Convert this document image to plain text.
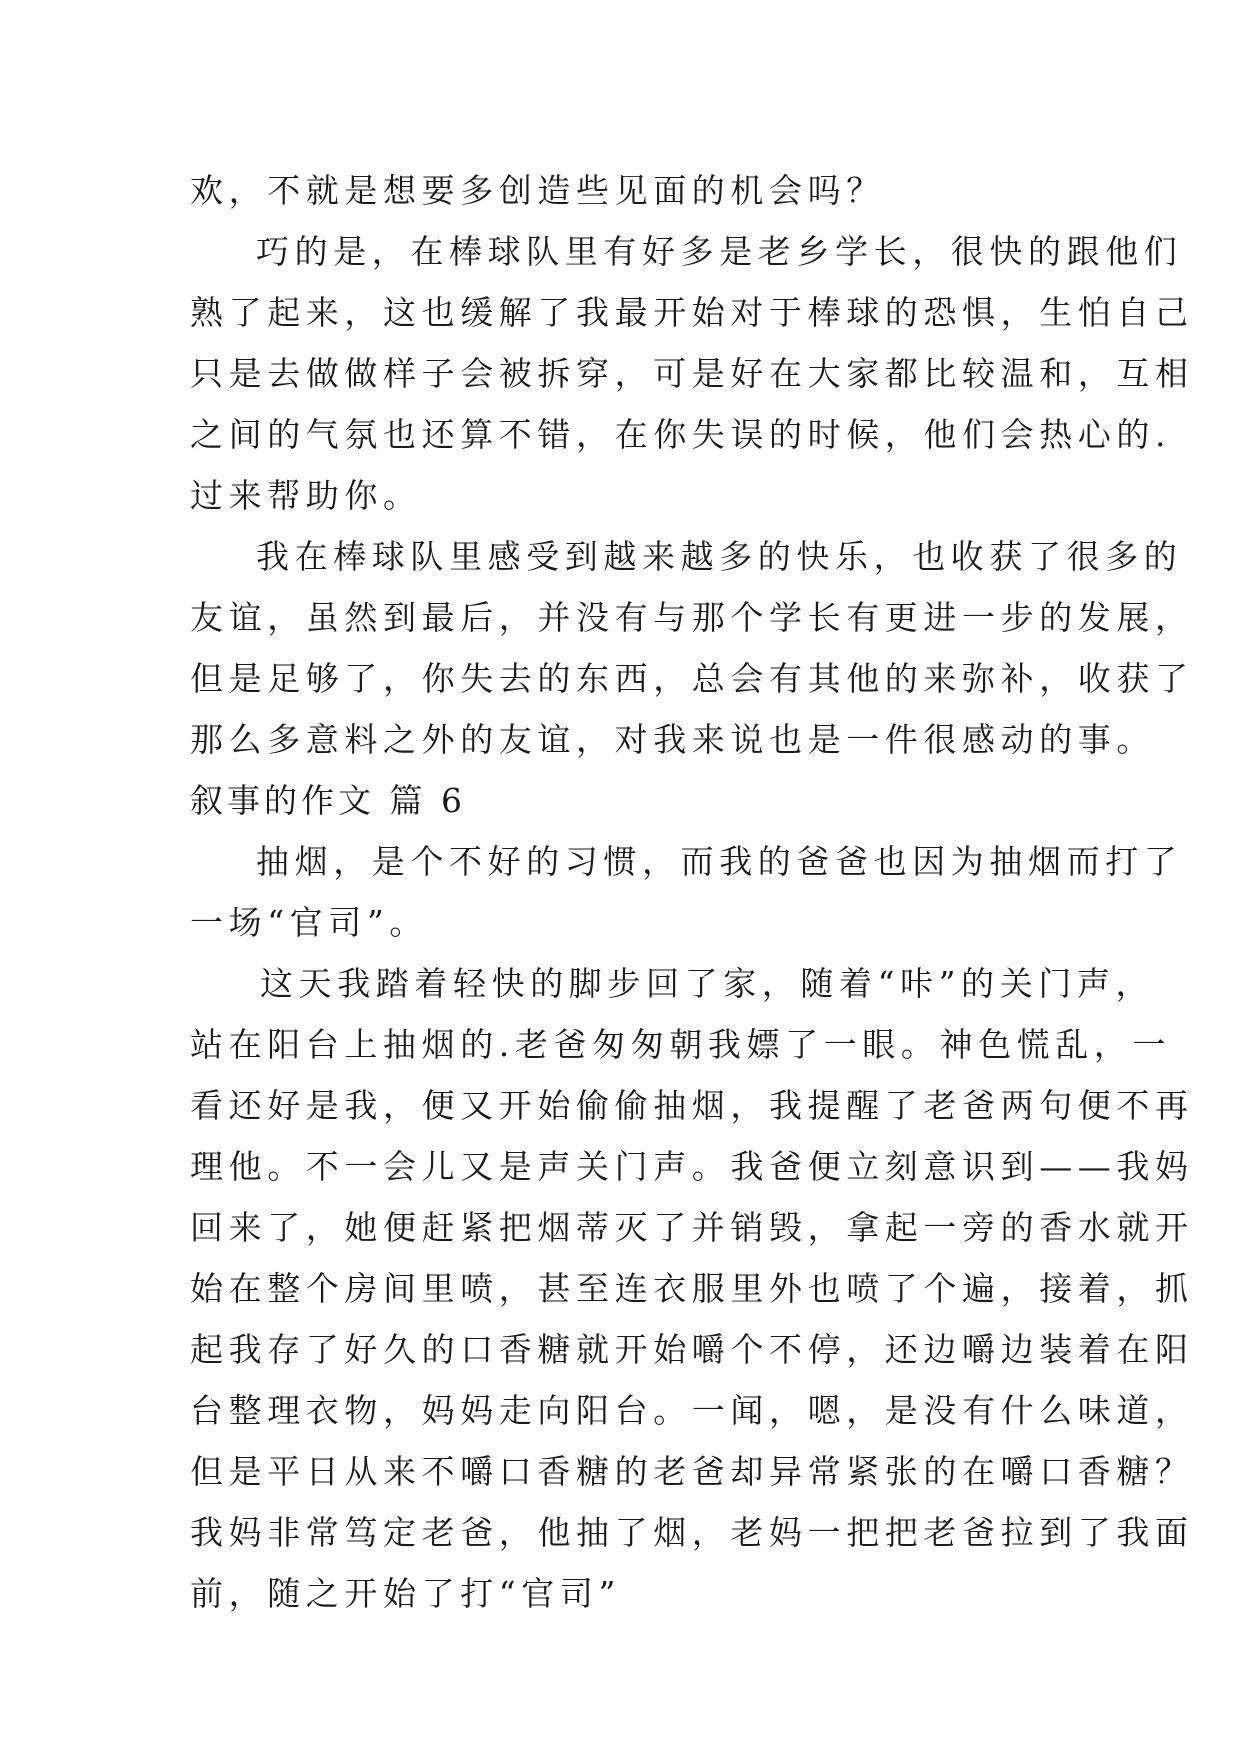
欢，不就是想要多创造些见面的机会吗？
巧的是，在棒球队里有好多是老乡学长，很快的跟他们
熟了起来，这也缓解了我最开始对于棒球的恐惧，生怕自己
只是去做做样子会被拆穿，可是好在大家都比较温和，互相
之间的气氛也还算不错，在你失误的时候，他们会热心的.
过来帮助你。
我在棒球队里感受到越来越多的快乐，也收获了很多的
友谊，虽然到最后，并没有与那个学长有更进一步的发展，
但是足够了，你失去的东西，总会有其他的来弥补，收获了
那么多意料之外的友谊，对我来说也是一件很感动的事。
叙事的作文 篇 6
抽烟，是个不好的习惯，而我的爸爸也因为抽烟而打了
一场“官司”。
这天我踏着轻快的脚步回了家，随着“咔”的关门声，
站在阳台上抽烟的.老爸匆匆朝我嫖了一眼。神色慌乱，一
看还好是我，便又开始偷偷抽烟，我提醒了老爸两句便不再
理他。不一会儿又是声关门声。我爸便立刻意识到——我妈
回来了，她便赶紧把烟蒂灭了并销毁，拿起一旁的香水就开
始在整个房间里喷，甚至连衣服里外也喷了个遍，接着，抓
起我存了好久的口香糖就开始嚼个不停，还边嚼边装着在阳
台整理衣物，妈妈走向阳台。一闻，嗯，是没有什么味道，
但是平日从来不嚼口香糖的老爸却异常紧张的在嚼口香糖？
我妈非常笃定老爸，他抽了烟，老妈一把把老爸拉到了我面
前，随之开始了打“官司”
